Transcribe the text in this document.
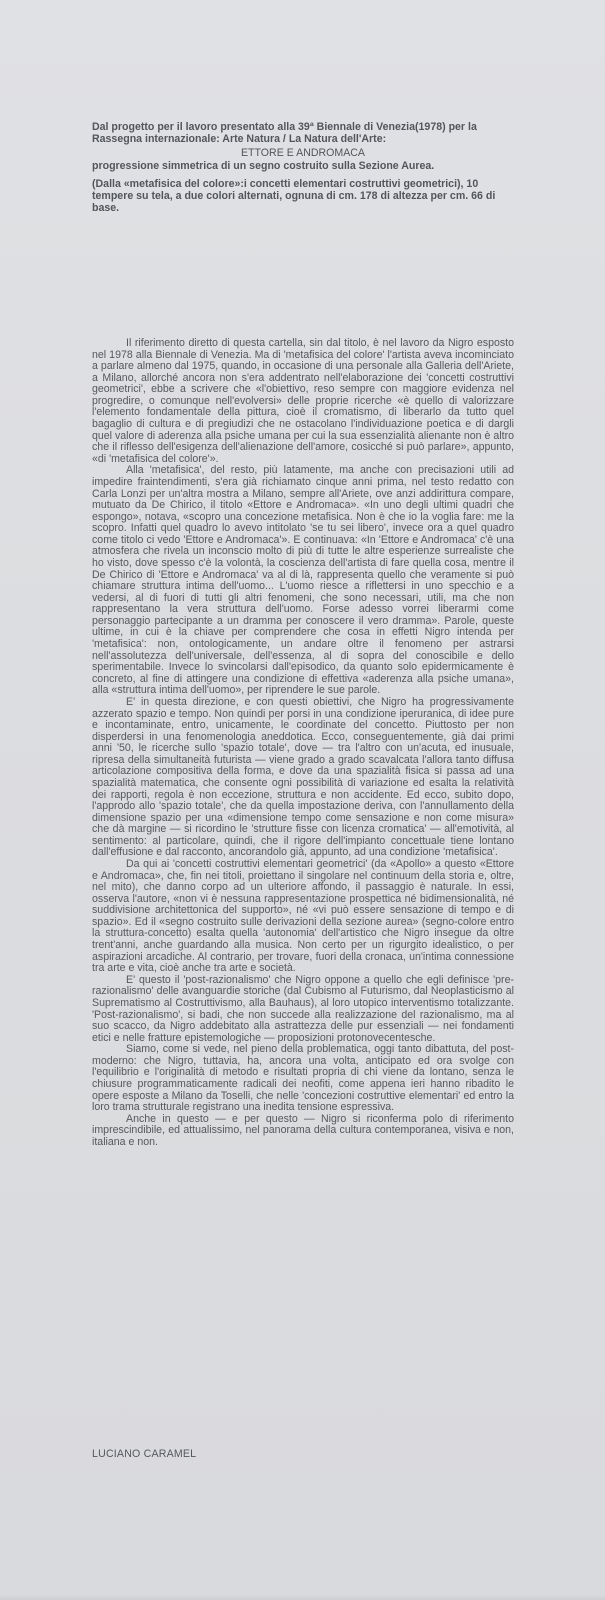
Dal progetto per il lavoro presentato alla 39ª Biennale di Venezia(1978) per la Rassegna internazionale: Arte Natura / La Natura dell'Arte:

ETTORE E ANDROMACA

progressione simmetrica di un segno costruito sulla Sezione Aurea.

(Dalla «metafisica del colore»:i concetti elementari costruttivi geometrici), 10 tempere su tela, a due colori alternati, ognuna di cm. 178 di altezza per cm. 66 di base.

Il riferimento diretto di questa cartella, sin dal titolo, è nel lavoro da Nigro esposto nel 1978 alla Biennale di Venezia. Ma di 'metafisica del colore' l'artista aveva incominciato a parlare almeno dal 1975, quando, in occasione di una personale alla Galleria dell'Ariete, a Milano, allorché ancora non s'era addentrato nell'elaborazione dei 'concetti costruttivi geometrici', ebbe a scrivere che «l'obiettivo, reso sempre con maggiore evidenza nel progredire, o comunque nell'evolversi» delle proprie ricerche «è quello di valorizzare l'elemento fondamentale della pittura, cioè il cromatismo, di liberarlo da tutto quel bagaglio di cultura e di pregiudizi che ne ostacolano l'individuazione poetica e di dargli quel valore di aderenza alla psiche umana per cui la sua essenzialità alienante non è altro che il riflesso dell'esigenza dell'alienazione dell'amore, cosicché si può parlare», appunto, «di 'metafisica del colore'».

Alla 'metafisica', del resto, più latamente, ma anche con precisazioni utili ad impedire fraintendimenti, s'era già richiamato cinque anni prima, nel testo redatto con Carla Lonzi per un'altra mostra a Milano, sempre all'Ariete, ove anzi addirittura compare, mutuato da De Chirico, il titolo «Ettore e Andromaca». «In uno degli ultimi quadri che espongo», notava, «scopro una concezione metafisica. Non è che io la voglia fare: me la scopro. Infatti quel quadro lo avevo intitolato 'se tu sei libero', invece ora a quel quadro come titolo ci vedo 'Ettore e Andromaca'». E continuava: «In 'Ettore e Andromaca' c'è una atmosfera che rivela un inconscio molto di più di tutte le altre esperienze surrealiste che ho visto, dove spesso c'è la volontà, la coscienza dell'artista di fare quella cosa, mentre il De Chirico di 'Ettore e Andromaca' va al di là, rappresenta quello che veramente si può chiamare struttura intima dell'uomo... L'uomo riesce a riflettersi in uno specchio e a vedersi, al di fuori di tutti gli altri fenomeni, che sono necessari, utili, ma che non rappresentano la vera struttura dell'uomo. Forse adesso vorrei liberarmi come personaggio partecipante a un dramma per conoscere il vero dramma». Parole, queste ultime, in cui è la chiave per comprendere che cosa in effetti Nigro intenda per 'metafisica': non, ontologicamente, un andare oltre il fenomeno per astrarsi nell'assolutezza dell'universale, dell'essenza, al di sopra del conoscibile e dello sperimentabile. Invece lo svincolarsi dall'episodico, da quanto solo epidermicamente è concreto, al fine di attingere una condizione di effettiva «aderenza alla psiche umana», alla «struttura intima dell'uomo», per riprendere le sue parole.

E' in questa direzione, e con questi obiettivi, che Nigro ha progressivamente azzerato spazio e tempo. Non quindi per porsi in una condizione iperuranica, di idee pure e incontaminate, entro, unicamente, le coordinate del concetto. Piuttosto per non disperdersi in una fenomenologia aneddotica. Ecco, conseguentemente, già dai primi anni '50, le ricerche sullo 'spazio totale', dove — tra l'altro con un'acuta, ed inusuale, ripresa della simultaneità futurista — viene grado a grado scavalcata l'allora tanto diffusa articolazione compositiva della forma, e dove da una spazialità fisica si passa ad una spazialità matematica, che consente ogni possibilità di variazione ed esalta la relatività dei rapporti, regola è non eccezione, struttura e non accidente. Ed ecco, subito dopo, l'approdo allo 'spazio totale', che da quella impostazione deriva, con l'annullamento della dimensione spazio per una «dimensione tempo come sensazione e non come misura» che dà margine — si ricordino le 'strutture fisse con licenza cromatica' — all'emotività, al sentimento: al particolare, quindi, che il rigore dell'impianto concettuale tiene lontano dall'effusione e dal racconto, ancorandolo già, appunto, ad una condizione 'metafisica'.

Da qui ai 'concetti costruttivi elementari geometrici' (da «Apollo» a questo «Ettore e Andromaca», che, fin nei titoli, proiettano il singolare nel continuum della storia e, oltre, nel mito), che danno corpo ad un ulteriore affondo, il passaggio è naturale. In essi, osserva l'autore, «non vi è nessuna rappresentazione prospettica né bidimensionalità, né suddivisione architettonica del supporto», né «vi può essere sensazione di tempo e di spazio». Ed il «segno costruito sulle derivazioni della sezione aurea» (segno-colore entro la struttura-concetto) esalta quella 'autonomia' dell'artistico che Nigro insegue da oltre trent'anni, anche guardando alla musica. Non certo per un rigurgito idealistico, o per aspirazioni arcadiche. Al contrario, per trovare, fuori della cronaca, un'intima connessione tra arte e vita, cioè anche tra arte e società.

E' questo il 'post-razionalismo' che Nigro oppone a quello che egli definisce 'pre-razionalismo' delle avanguardie storiche (dal Cubismo al Futurismo, dal Neoplasticismo al Suprematismo al Costruttivismo, alla Bauhaus), al loro utopico interventismo totalizzante. 'Post-razionalismo', si badi, che non succede alla realizzazione del razionalismo, ma al suo scacco, da Nigro addebitato alla astrattezza delle pur essenziali — nei fondamenti etici e nelle fratture epistemologiche — proposizioni protonovecentesche.

Siamo, come si vede, nel pieno della problematica, oggi tanto dibattuta, del post-moderno: che Nigro, tuttavia, ha, ancora una volta, anticipato ed ora svolge con l'equilibrio e l'originalità di metodo e risultati propria di chi viene da lontano, senza le chiusure programmaticamente radicali dei neofiti, come appena ieri hanno ribadito le opere esposte a Milano da Toselli, che nelle 'concezioni costruttive elementari' ed entro la loro trama strutturale registrano una inedita tensione espressiva.

Anche in questo — e per questo — Nigro si riconferma polo di riferimento imprescindibile, ed attualissimo, nel panorama della cultura contemporanea, visiva e non, italiana e non.

LUCIANO CARAMEL
